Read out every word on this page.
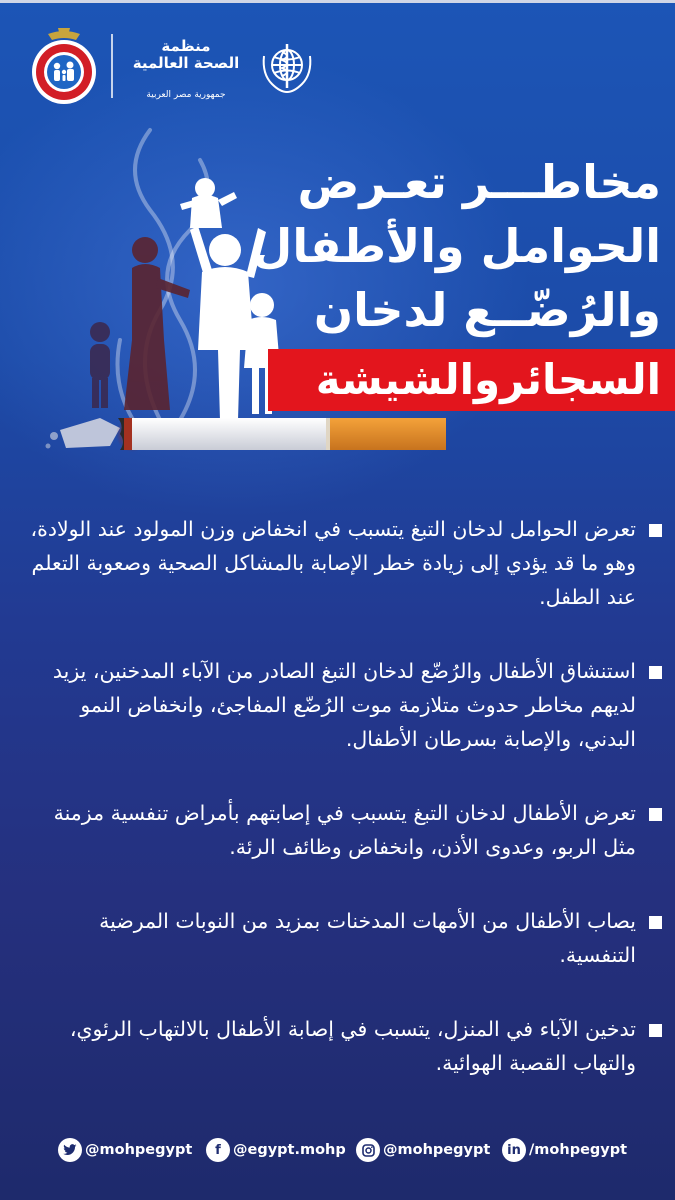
منظمة
الصحة العالمية
جمهورية مصر العربية
مخاطـــر تعـرض
الحوامل والأطفال
والرُضّــع لدخان
السجائروالشيشة
تعرض الحوامل لدخان التبغ يتسبب في انخفاض وزن المولود عند الولادة، وهو ما قد يؤدي إلى زيادة خطر الإصابة بالمشاكل الصحية وصعوبة التعلم عند الطفل.
استنشاق الأطفال والرُضّع لدخان التبغ الصادر من الآباء المدخنين، يزيد لديهم مخاطر حدوث متلازمة موت الرُضّع المفاجئ، وانخفاض النمو البدني، والإصابة بسرطان الأطفال.
تعرض الأطفال لدخان التبغ يتسبب في إصابتهم بأمراض تنفسية مزمنة مثل الربو، وعدوى الأذن، وانخفاض وظائف الرئة.
يصاب الأطفال من الأمهات المدخنات بمزيد من النوبات المرضية التنفسية.
تدخين الآباء في المنزل، يتسبب في إصابة الأطفال بالالتهاب الرئوي، والتهاب القصبة الهوائية.
@mohpegypt	f @egypt.mohp	@mohpegypt	in /mohpegypt
